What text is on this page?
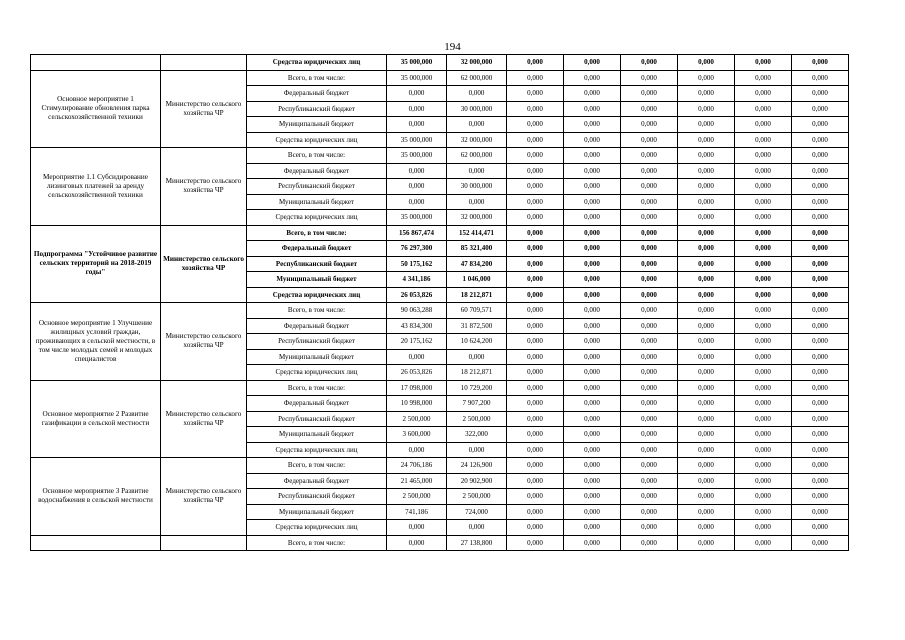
194
		Средства юридических лиц	35 000,000	32 000,000	0,000	0,000	0,000	0,000	0,000	0,000
Основное мероприятие 1 Стимулирование обновления парка сельскохозяйственной техники	Министерство сельского хозяйства ЧР	Всего, в том числе:	35 000,000	62 000,000	0,000	0,000	0,000	0,000	0,000	0,000
		Федеральный бюджет	0,000	0,000	0,000	0,000	0,000	0,000	0,000	0,000
		Республиканский бюджет	0,000	30 000,000	0,000	0,000	0,000	0,000	0,000	0,000
		Муниципальный бюджет	0,000	0,000	0,000	0,000	0,000	0,000	0,000	0,000
		Средства юридических лиц	35 000,000	32 000,000	0,000	0,000	0,000	0,000	0,000	0,000
Мероприятие 1.1 Субсидирование лизинговых платежей за аренду сельскохозяйственной техники	Министерство сельского хозяйства ЧР	Всего, в том числе:	35 000,000	62 000,000	0,000	0,000	0,000	0,000	0,000	0,000
		Федеральный бюджет	0,000	0,000	0,000	0,000	0,000	0,000	0,000	0,000
		Республиканский бюджет	0,000	30 000,000	0,000	0,000	0,000	0,000	0,000	0,000
		Муниципальный бюджет	0,000	0,000	0,000	0,000	0,000	0,000	0,000	0,000
		Средства юридических лиц	35 000,000	32 000,000	0,000	0,000	0,000	0,000	0,000	0,000
Подпрограмма "Устойчивое развитие сельских территорий на 2018-2019 годы"	Министерство сельского хозяйства ЧР	Всего, в том числе:	156 867,474	152 414,471	0,000	0,000	0,000	0,000	0,000	0,000
		Федеральный бюджет	76 297,300	85 321,400	0,000	0,000	0,000	0,000	0,000	0,000
		Республиканский бюджет	50 175,162	47 834,200	0,000	0,000	0,000	0,000	0,000	0,000
		Муниципальный бюджет	4 341,186	1 046,000	0,000	0,000	0,000	0,000	0,000	0,000
		Средства юридических лиц	26 053,826	18 212,871	0,000	0,000	0,000	0,000	0,000	0,000
Основное мероприятие 1 Улучшение жилищных условий граждан, проживающих в сельской местности, в том числе молодых семей и молодых специалистов	Министерство сельского хозяйства ЧР	Всего, в том числе:	90 063,288	60 709,571	0,000	0,000	0,000	0,000	0,000	0,000
		Федеральный бюджет	43 834,300	31 872,500	0,000	0,000	0,000	0,000	0,000	0,000
		Республиканский бюджет	20 175,162	10 624,200	0,000	0,000	0,000	0,000	0,000	0,000
		Муниципальный бюджет	0,000	0,000	0,000	0,000	0,000	0,000	0,000	0,000
		Средства юридических лиц	26 053,826	18 212,871	0,000	0,000	0,000	0,000	0,000	0,000
Основное мероприятие 2 Развитие газификации в сельской местности	Министерство сельского хозяйства ЧР	Всего, в том числе:	17 098,000	10 729,200	0,000	0,000	0,000	0,000	0,000	0,000
		Федеральный бюджет	10 998,000	7 907,200	0,000	0,000	0,000	0,000	0,000	0,000
		Республиканский бюджет	2 500,000	2 500,000	0,000	0,000	0,000	0,000	0,000	0,000
		Муниципальный бюджет	3 600,000	322,000	0,000	0,000	0,000	0,000	0,000	0,000
		Средства юридических лиц	0,000	0,000	0,000	0,000	0,000	0,000	0,000	0,000
Основное мероприятие 3 Развитие водоснабжения в сельской местности	Министерство сельского хозяйства ЧР	Всего, в том числе:	24 706,186	24 126,900	0,000	0,000	0,000	0,000	0,000	0,000
		Федеральный бюджет	21 465,000	20 902,900	0,000	0,000	0,000	0,000	0,000	0,000
		Республиканский бюджет	2 500,000	2 500,000	0,000	0,000	0,000	0,000	0,000	0,000
		Муниципальный бюджет	741,186	724,000	0,000	0,000	0,000	0,000	0,000	0,000
		Средства юридических лиц	0,000	0,000	0,000	0,000	0,000	0,000	0,000	0,000
		Всего, в том числе:	0,000	27 138,800	0,000	0,000	0,000	0,000	0,000	0,000
